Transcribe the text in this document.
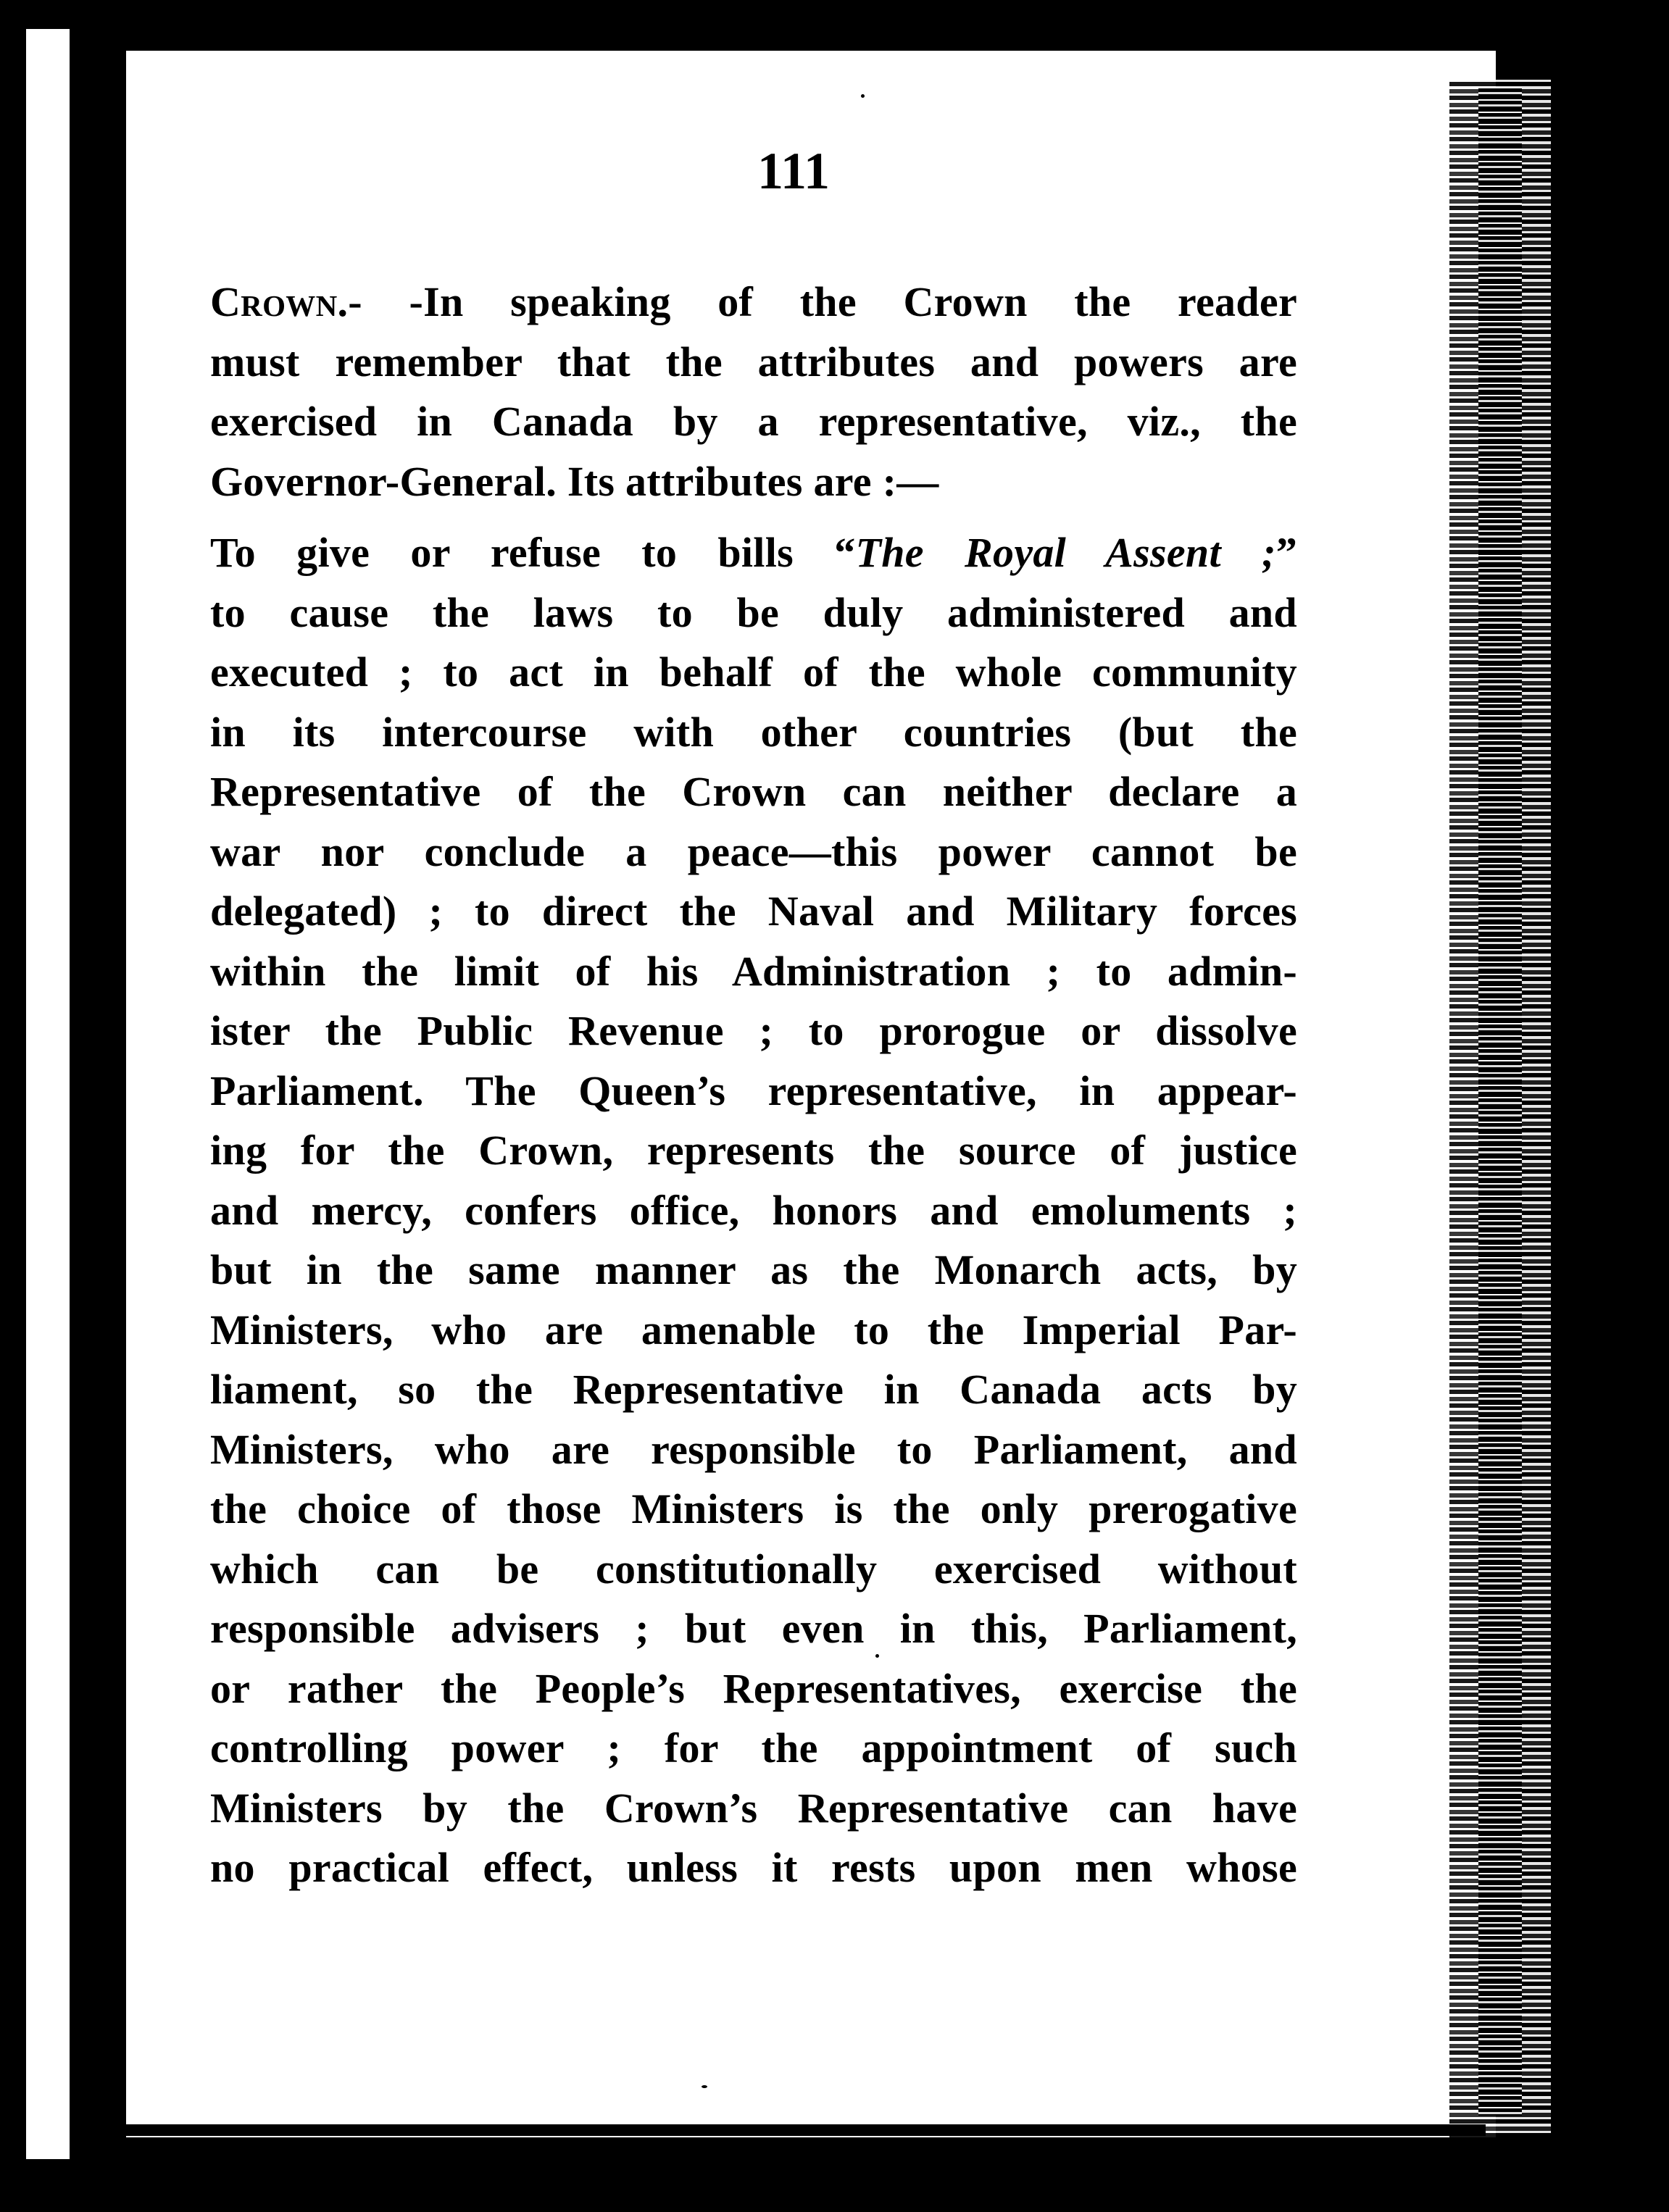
111
Crown.- -In speaking of the Crown the reader
must remember that the attributes and powers are
exercised in Canada by a representative, viz., the
Governor-General. Its attributes are :—
To give or refuse to bills “The Royal Assent ;”
to cause the laws to be duly administered and
executed ; to act in behalf of the whole community
in its intercourse with other countries (but the
Representative of the Crown can neither declare a
war nor conclude a peace—this power cannot be
delegated) ; to direct the Naval and Military forces
within the limit of his Administration ; to admin-
ister the Public Revenue ; to prorogue or dissolve
Parliament. The Queen’s representative, in appear-
ing for the Crown, represents the source of justice
and mercy, confers office, honors and emoluments ;
but in the same manner as the Monarch acts, by
Ministers, who are amenable to the Imperial Par-
liament, so the Representative in Canada acts by
Ministers, who are responsible to Parliament, and
the choice of those Ministers is the only prerogative
which can be constitutionally exercised without
responsible advisers ; but even in this, Parliament,
or rather the People’s Representatives, exercise the
controlling power ; for the appointment of such
Ministers by the Crown’s Representative can have
no practical effect, unless it rests upon men whose
